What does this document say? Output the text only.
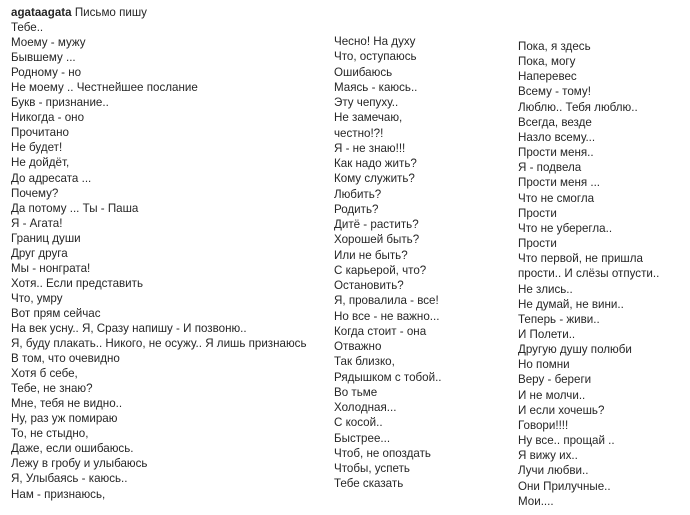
agataagata Письмо пишу
Тебе..
Моему - мужу
Бывшему ...
Родному - но
Не моему .. Честнейшее послание
Букв - признание..
Никогда - оно
Прочитано
Не будет!
Не дойдёт,
До адресата ...
Почему?
Да потому ... Ты - Паша
Я - Агата!
Границ души
Друг друга
Мы - нонграта!
Хотя.. Если представить
Что, умру
Вот прям сейчас
На век усну.. Я, Сразу напишу - И позвоню..
Я, буду плакать.. Никого, не осужу.. Я лишь признаюсь
В том, что очевидно
Хотя б себе,
Тебе, не знаю?
Мне, тебя не видно..
Ну, раз уж помираю
То, не стыдно,
Даже, если ошибаюсь.
Лежу в гробу и улыбаюсь
Я, Улыбаясь - каюсь..
Нам - признаюсь,
Чесно! На духу
Что, оступаюсь
Ошибаюсь
Маясь - каюсь..
Эту чепуху..
Не замечаю,
честно!?!
Я - не знаю!!!
Как надо жить?
Кому служить?
Любить?
Родить?
Дитё - растить?
Хорошей быть?
Или не быть?
С карьерой, что?
Остановить?
Я, провалила - все!
Но все - не важно...
Когда стоит - она
Отважно
Так близко,
Рядышком с тобой..
Во тьме
Холодная...
С косой..
Быстрее...
Чтоб, не опоздать
Чтобы, успеть
Тебе сказать
Пока, я здесь
Пока, могу
Наперевес
Всему - тому!
Люблю.. Тебя люблю..
Всегда, везде
Назло всему...
Прости меня..
Я - подвела
Прости меня ...
Что не смогла
Прости
Что не уберегла..
Прости
Что первой, не пришла
прости.. И слёзы отпусти..
Не злись..
Не думай, не вини..
Теперь - живи..
И Полети..
Другую душу полюби
Но помни
Веру - береги
И не молчи..
И если хочешь?
Говори!!!!
Ну все.. прощай ..
Я вижу их..
Лучи любви..
Они Прилучные..
Мои....
